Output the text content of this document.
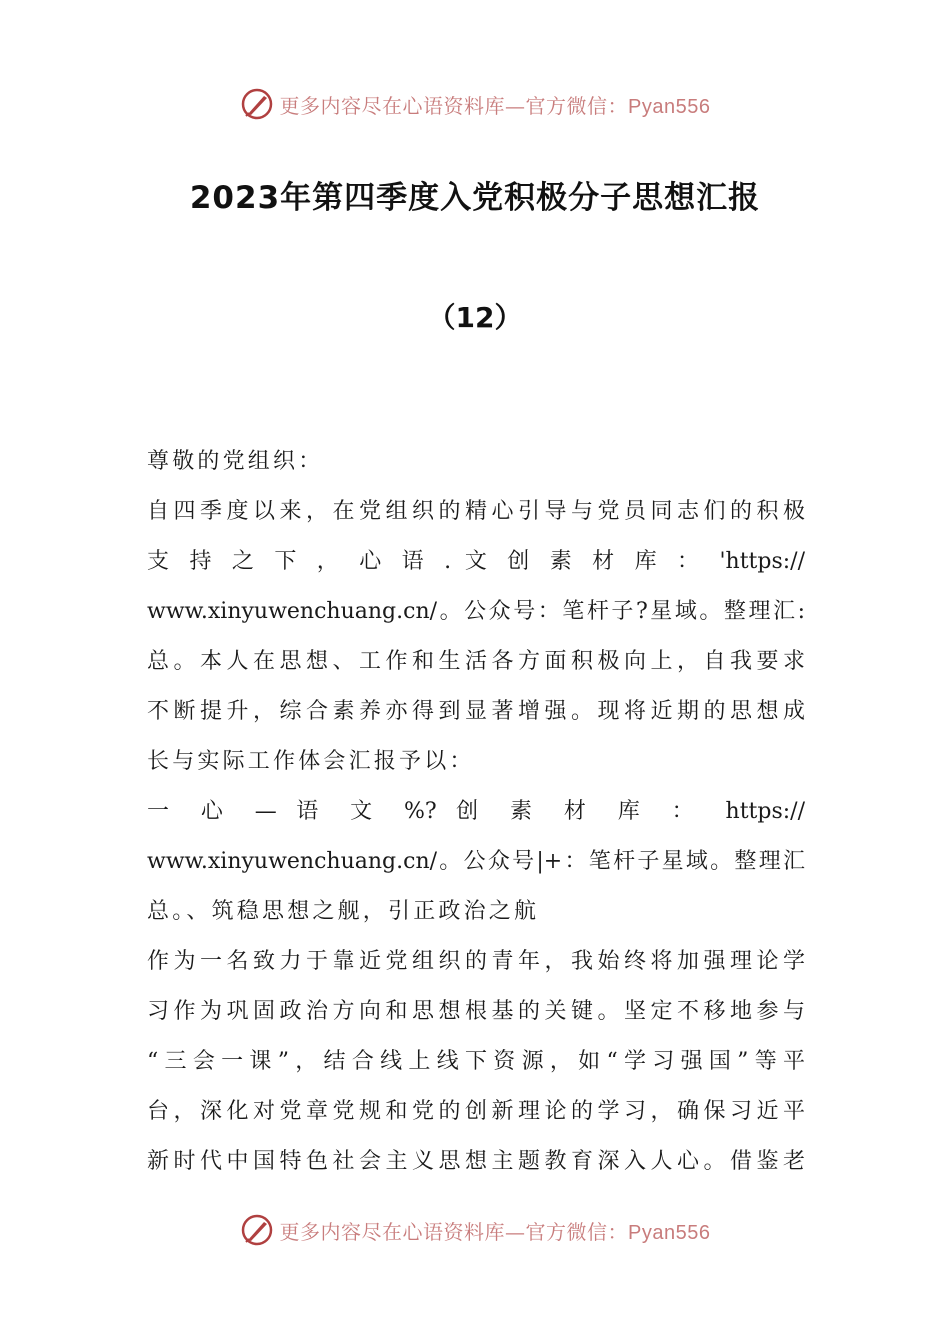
更多内容尽在心语资料库—官方微信：Pyan556
2023年第四季度入党积极分子思想汇报
（12）
尊敬的党组织：
自四季度以来，在党组织的精心引导与党员同志们的积极
支 持 之 下 ， 心 语 . 文 创 素 材 库 ： 'https://
www.xinyuwenchuang.cn/。公众号：笔杆子?星域。整理汇:
总。本人在思想、工作和生活各方面积极向上，自我要求
不断提升，综合素养亦得到显著增强。现将近期的思想成
长与实际工作体会汇报予以：
一 心 — 语 文 %? 创 素 材 库 ： https://
www.xinyuwenchuang.cn/。公众号|+：笔杆子星域。整理汇
总。、筑稳思想之舰，引正政治之航
作为一名致力于靠近党组织的青年，我始终将加强理论学
习作为巩固政治方向和思想根基的关键。坚定不移地参与
“三会一课”，结合线上线下资源，如“学习强国”等平
台，深化对党章党规和党的创新理论的学习，确保习近平
新时代中国特色社会主义思想主题教育深入人心。借鉴老
更多内容尽在心语资料库—官方微信：Pyan556
